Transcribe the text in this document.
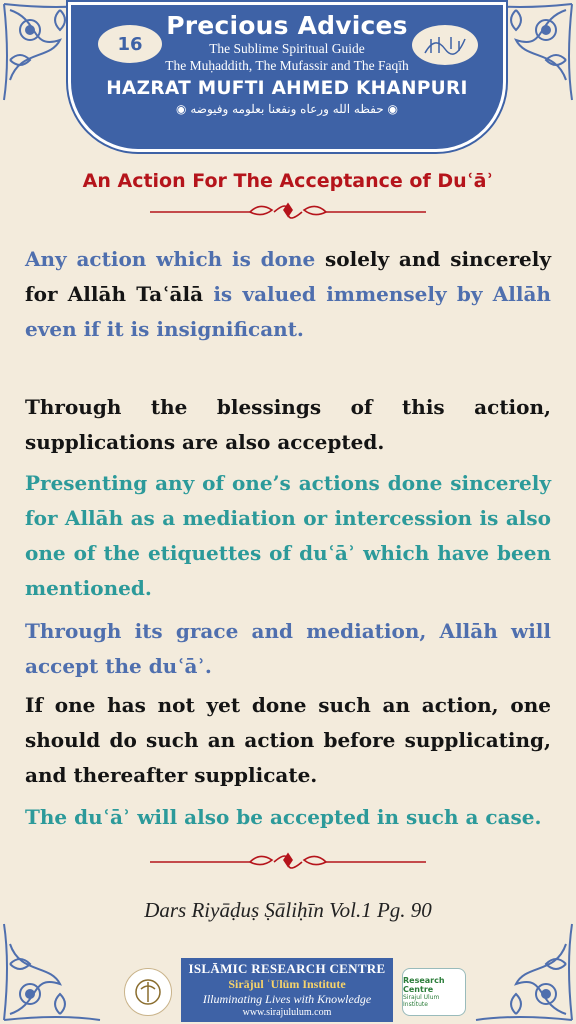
Precious Advices
The Sublime Spiritual Guide
The Muḥaddith, The Mufassir and The Faqīh
HAZRAT MUFTI AHMED KHANPURI
◉ حفظه الله ورعاه ونفعنا بعلومه وفيوضه ◉
16
An Action For The Acceptance of Duʿāʾ
Any action which is done solely and sincerely for Allāh Taʿālā is valued immensely by Allāh even if it is insignificant.
Through the blessings of this action, supplications are also accepted.
Presenting any of one’s actions done sincerely for Allāh as a mediation or intercession is also one of the etiquettes of duʿāʾ which have been mentioned.
Through its grace and mediation, Allāh will accept the duʿāʾ.
If one has not yet done such an action, one should do such an action before supplicating, and thereafter supplicate.
The duʿāʾ will also be accepted in such a case.
Dars Riyāḍuṣ Ṣāliḥīn Vol.1 Pg. 90
ISLĀMIC RESEARCH CENTRE
Sirājul ʿUlūm Institute
Illuminating Lives with Knowledge
www.sirajululum.com
Research Centre
Sirajul Ulum Institute
